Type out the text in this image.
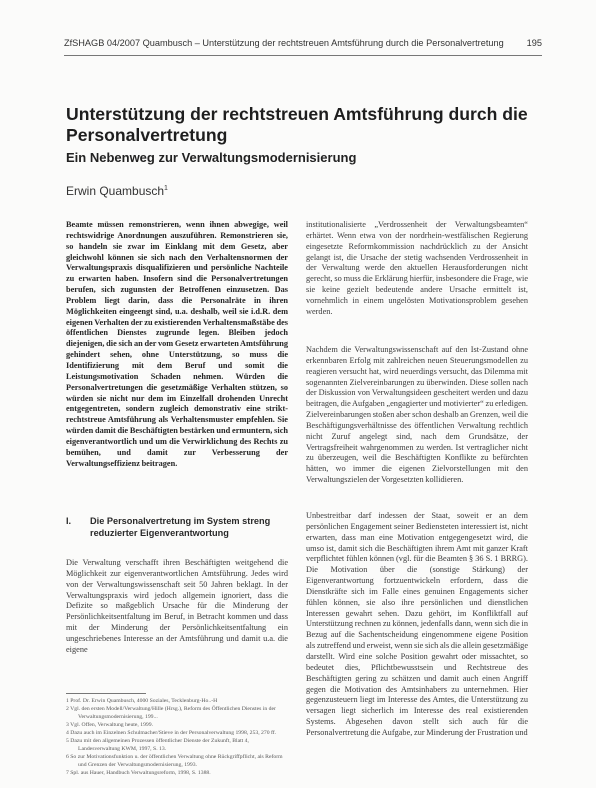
ZfSHAGB 04/2007 Quambusch – Unterstützung der rechtstreuen Amtsführung durch die Personalvertretung 195
Unterstützung der rechtstreuen Amtsführung durch die Personalvertretung
Ein Nebenweg zur Verwaltungsmodernisierung
Erwin Quambusch$^1$
Beamte müssen remonstrieren, wenn ihnen abwegige, weil rechtswidrige Anordnungen auszuführen. Remonstrieren sie, so handeln sie zwar im Einklang mit dem Gesetz, aber gleichwohl können sie sich nach den Verhaltensnormen der Verwaltungspraxis disqualifizieren und persönliche Nachteile zu erwarten haben. Insofern sind die Personalvertretungen berufen, sich zugunsten der Betroffenen einzusetzen. Das Problem liegt darin, dass die Personalräte in ihren Möglichkeiten eingeengt sind, u.a. deshalb, weil sie i.d.R. dem eigenen Verhalten der zu existierenden Verhaltensmaßstäbe des öffentlichen Dienstes zugrunde legen. Bleiben jedoch diejenigen, die sich an der vom Gesetz erwarteten Amtsführung gehindert sehen, ohne Unterstützung, so muss die Identifizierung mit dem Beruf und somit die Leistungsmotivation Schaden nehmen. Würden die Personalvertretungen die gesetzmäßige Verhalten stützen, so würden sie nicht nur dem im Einzelfall drohenden Unrecht entgegentreten, sondern zugleich demonstrativ eine strikt-rechtstreue Amtsführung als Verhaltensmuster empfehlen. Sie würden damit die Beschäftigten bestärken und ermuntern, sich eigenverantwortlich und um die Verwirklichung des Rechts zu bemühen, und damit zur Verbesserung der Verwaltungseffizienz beitragen.
I. Die Personalvertretung im System streng reduzierter Eigenverantwortung
Die Verwaltung verschafft ihren Beschäftigten weitgehend die Möglichkeit zur eigenverantwortlichen Amtsführung. Jedes wird von der Verwaltungswissenschaft seit 50 Jahren beklagt. In der Verwaltungspraxis wird jedoch allgemein ignoriert, dass die Defizite so maßgeblich Ursache für die Minderung der Persönlichkeitsentfaltung im Beruf, in Betracht kommen und dass mit der Minderung der Persönlichkeitsentfaltung ein ungeschriebenes Interesse an der Amtsführung und damit u.a. die eigene
1 Prof. Dr. Erwin Quambusch, 4000 Soziales, Tecklenburg-Ho..-H
2 Vgl. den ersten Modell/Verwaltung/Hille (Hrsg.), Reform des Öffentlichen Dienstes in der Verwaltungsmodernisierung, 199...
3 Vgl. Offen, Verwaltung heute, 1999.
4 Dazu auch im Einzelnen Schulmacher/Stieve in der Personalverwaltung 1998, 253, 270 ff.
5 Dazu mit den allgemeinen Prozessen öffentlicher Dienste der Zukunft, Blatt 4, Landesverwaltung KWM, 1997, S. 13.
6 So zur Motivationsfunktion u. der öffentlichen Verwaltung ohne Rückgriffpflicht, als Reform und Grenzen der Verwaltungsmodernisierung, 1993.
7 Spl. aus Hauer, Handbuch Verwaltungsreform, 1998, S. 1388.
institutionalisierte „Verdrossenheit der Verwaltungsbeamten“ erhärtet. Wenn etwa von der nordrhein-westfälischen Regierung eingesetzte Reformkommission nachdrücklich zu der Ansicht gelangt ist, die Ursache der stetig wachsenden Verdrossenheit in der Verwaltung werde den aktuellen Herausforderungen nicht gerecht, so muss die Erklärung hierfür, insbesondere die Frage, wie sie keine gezielt bedeutende andere Ursache ermittelt ist, vornehmlich in einem ungelösten Motivationsproblem gesehen werden.
Nachdem die Verwaltungswissenschaft auf den Ist-Zustand ohne erkennbaren Erfolg mit zahlreichen neuen Steuerungsmodellen zu reagieren versucht hat, wird neuerdings versucht, das Dilemma mit sogenannten Zielvereinbarungen zu überwinden. Diese sollen nach der Diskussion von Verwaltungsideen gescheitert werden und dazu beitragen, die Aufgaben „engagierter und motivierter“ zu erledigen. Zielvereinbarungen stoßen aber schon deshalb an Grenzen, weil die Beschäftigungsverhältnisse des öffentlichen Verwaltung rechtlich nicht Zuruf angelegt sind, nach dem Grundsätze, der Vertragsfreiheit wahrgenommen zu werden. Ist vertraglicher nicht zu überzeugen, weil die Beschäftigten Konflikte zu befürchten hätten, wo immer die eigenen Zielvorstellungen mit den Verwaltungszielen der Vorgesetzten kollidieren.
Unbestreitbar darf indessen der Staat, soweit er an dem persönlichen Engagement seiner Bediensteten interessiert ist, nicht erwarten, dass man eine Motivation entgegengesetzt wird, die umso ist, damit sich die Beschäftigten ihrem Amt mit ganzer Kraft verpflichtet fühlen können (vgl. für die Beamten § 36 S. 1 BRRG). Die Motivation über die (sonstige Stärkung) der Eigenverantwortung fortzuentwickeln erfordern, dass die Dienstkräfte sich im Falle eines genuinen Engagements sicher fühlen können, sie also ihre persönlichen und dienstlichen Interessen gewahrt sehen. Dazu gehört, im Konfliktfall auf Unterstützung rechnen zu können, jedenfalls dann, wenn sich die in Bezug auf die Sachentscheidung eingenommene eigene Position als zutreffend und erweist, wenn sie sich als die allein gesetzmäßige darstellt. Wird eine solche Position gewahrt oder missachtet, so bedeutet dies, Pflichtbewusstsein und Rechtstreue des Beschäftigten gering zu schätzen und damit auch einen Angriff gegen die Motivation des Amtsinhabers zu unternehmen. Hier gegenzusteuern liegt im Interesse des Amtes, die Unterstützung zu versagen liegt sicherlich im Interesse des real existierenden Systems. Abgesehen davon stellt sich auch für die Personalvertretung die Aufgabe, zur Minderung der Frustration und
